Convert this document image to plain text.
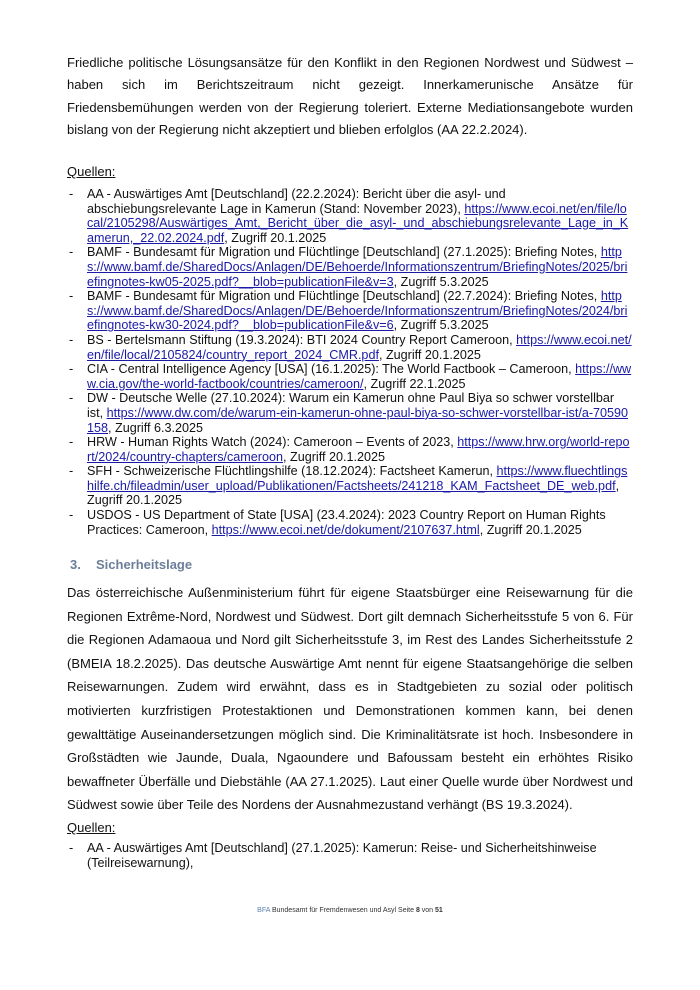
Friedliche politische Lösungsansätze für den Konflikt in den Regionen Nordwest und Südwest – haben sich im Berichtszeitraum nicht gezeigt. Innerkamerunische Ansätze für Friedensbemühungen werden von der Regierung toleriert. Externe Mediationsangebote wurden bislang von der Regierung nicht akzeptiert und blieben erfolglos (AA 22.2.2024).

Quellen:
- AA - Auswärtiges Amt [Deutschland] (22.2.2024): Bericht über die asyl- und abschiebungsrelevante Lage in Kamerun (Stand: November 2023), https://www.ecoi.net/en/file/local/2105298/Auswärtiges_Amt,_Bericht_über_die_asyl-_und_abschiebungsrelevante_Lage_in_Kamerun,_22.02.2024.pdf, Zugriff 20.1.2025
- BAMF - Bundesamt für Migration und Flüchtlinge [Deutschland] (27.1.2025): Briefing Notes, https://www.bamf.de/SharedDocs/Anlagen/DE/Behoerde/Informationszentrum/BriefingNotes/2025/briefingnotes-kw05-2025.pdf?__blob=publicationFile&v=3, Zugriff 5.3.2025
- BAMF - Bundesamt für Migration und Flüchtlinge [Deutschland] (22.7.2024): Briefing Notes, https://www.bamf.de/SharedDocs/Anlagen/DE/Behoerde/Informationszentrum/BriefingNotes/2024/briefingnotes-kw30-2024.pdf?__blob=publicationFile&v=6, Zugriff 5.3.2025
- BS - Bertelsmann Stiftung (19.3.2024): BTI 2024 Country Report Cameroon, https://www.ecoi.net/en/file/local/2105824/country_report_2024_CMR.pdf, Zugriff 20.1.2025
- CIA - Central Intelligence Agency [USA] (16.1.2025): The World Factbook – Cameroon, https://www.cia.gov/the-world-factbook/countries/cameroon/, Zugriff 22.1.2025
- DW - Deutsche Welle (27.10.2024): Warum ein Kamerun ohne Paul Biya so schwer vorstellbar ist, https://www.dw.com/de/warum-ein-kamerun-ohne-paul-biya-so-schwer-vorstellbar-ist/a-70590158, Zugriff 6.3.2025
- HRW - Human Rights Watch (2024): Cameroon – Events of 2023, https://www.hrw.org/world-report/2024/country-chapters/cameroon, Zugriff 20.1.2025
- SFH - Schweizerische Flüchtlingshilfe (18.12.2024): Factsheet Kamerun, https://www.fluechtlingshilfe.ch/fileadmin/user_upload/Publikationen/Factsheets/241218_KAM_Factsheet_DE_web.pdf, Zugriff 20.1.2025
- USDOS - US Department of State [USA] (23.4.2024): 2023 Country Report on Human Rights Practices: Cameroon, https://www.ecoi.net/de/dokument/2107637.html, Zugriff 20.1.2025
3. Sicherheitslage

Das österreichische Außenministerium führt für eigene Staatsbürger eine Reisewarnung für die Regionen Extrême-Nord, Nordwest und Südwest. Dort gilt demnach Sicherheitsstufe 5 von 6. Für die Regionen Adamaoua und Nord gilt Sicherheitsstufe 3, im Rest des Landes Sicherheitsstufe 2 (BMEIA 18.2.2025). Das deutsche Auswärtige Amt nennt für eigene Staatsangehörige die selben Reisewarnungen. Zudem wird erwähnt, dass es in Stadtgebieten zu sozial oder politisch motivierten kurzfristigen Protestaktionen und Demonstrationen kommen kann, bei denen gewalttätige Auseinandersetzungen möglich sind. Die Kriminalitätsrate ist hoch. Insbesondere in Großstädten wie Jaunde, Duala, Ngaoundere und Bafoussam besteht ein erhöhtes Risiko bewaffneter Überfälle und Diebstähle (AA 27.1.2025). Laut einer Quelle wurde über Nordwest und Südwest sowie über Teile des Nordens der Ausnahmezustand verhängt (BS 19.3.2024).

Quellen:
- AA - Auswärtiges Amt [Deutschland] (27.1.2025): Kamerun: Reise- und Sicherheitshinweise (Teilreisewarnung),
BFA Bundesamt für Fremdenwesen und Asyl Seite 8 von 51
